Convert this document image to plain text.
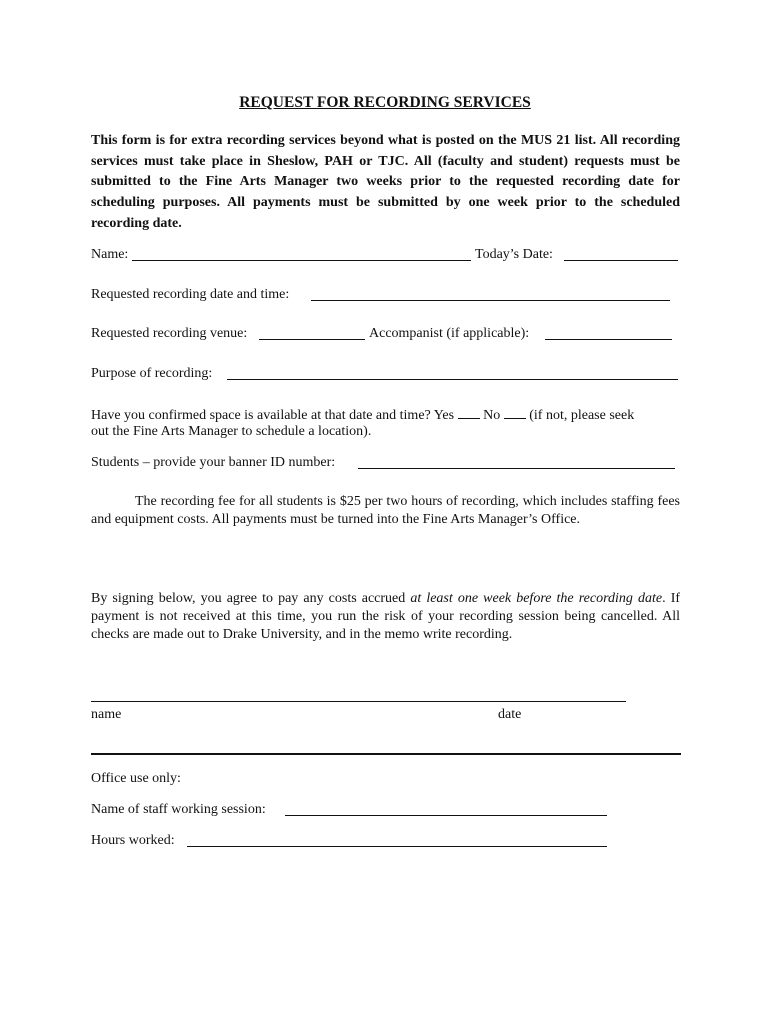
REQUEST FOR RECORDING SERVICES
This form is for extra recording services beyond what is posted on the MUS 21 list. All recording services must take place in Sheslow, PAH or TJC. All (faculty and student) requests must be submitted to the Fine Arts Manager two weeks prior to the requested recording date for scheduling purposes. All payments must be submitted by one week prior to the scheduled recording date.
Name:	Today’s Date:
Requested recording date and time:
Requested recording venue:	Accompanist (if applicable):
Purpose of recording:
Have you confirmed space is available at that date and time? Yes No (if not, please seek
out the Fine Arts Manager to schedule a location).
Students – provide your banner ID number:
The recording fee for all students is $25 per two hours of recording, which includes staffing fees and equipment costs. All payments must be turned into the Fine Arts Manager’s Office.
By signing below, you agree to pay any costs accrued at least one week before the recording date. If payment is not received at this time, you run the risk of your recording session being cancelled. All checks are made out to Drake University, and in the memo write recording.
name	date
Office use only:
Name of staff working session:
Hours worked:
